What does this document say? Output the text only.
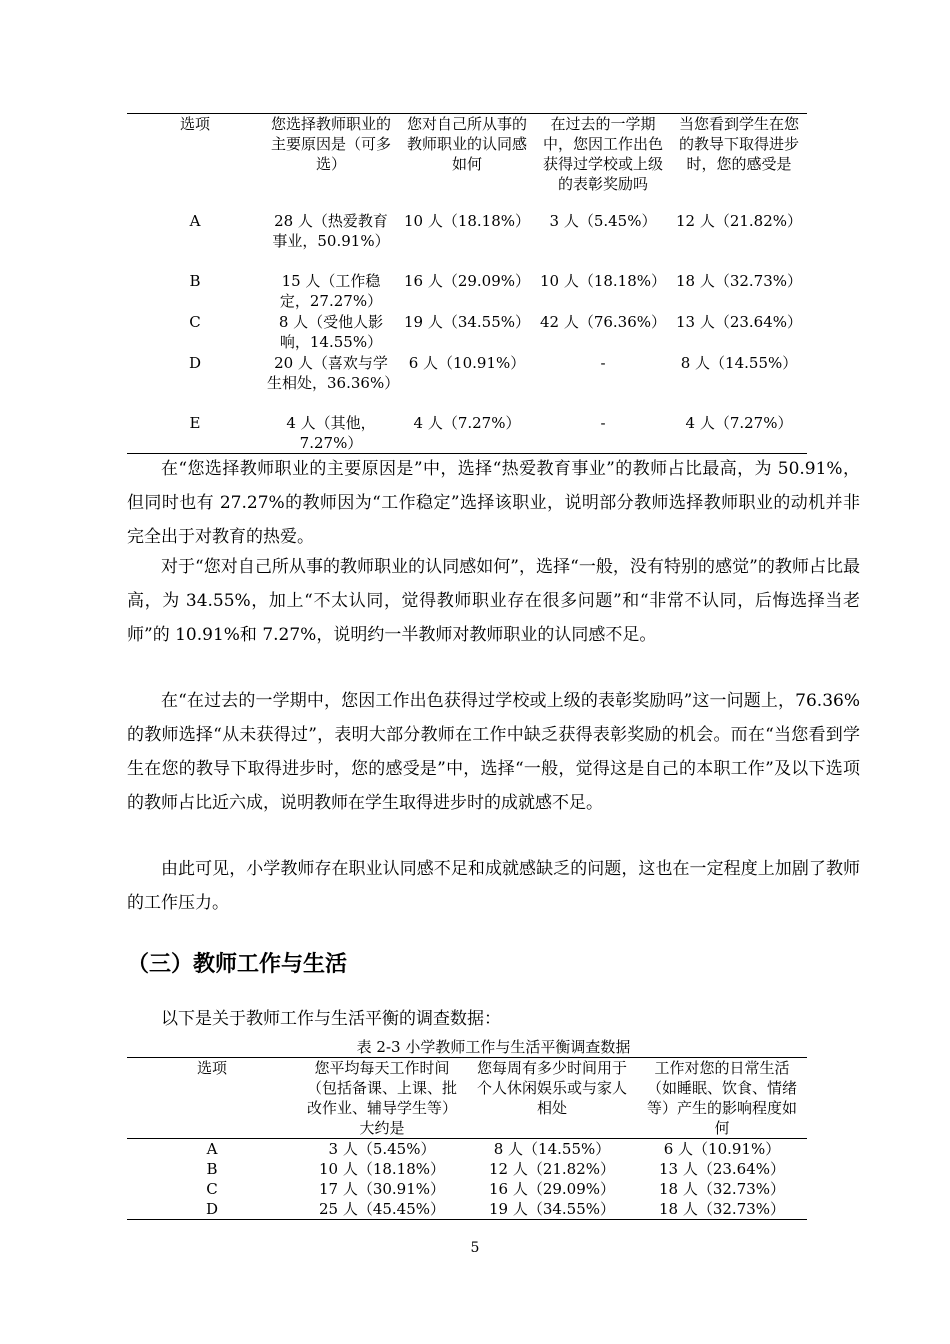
选项	您选择教师职业的主要原因是（可多选）	您对自己所从事的教师职业的认同感如何	在过去的一学期中，您因工作出色获得过学校或上级的表彰奖励吗	当您看到学生在您的教导下取得进步时，您的感受是
A	28 人（热爱教育事业，50.91%）	10 人（18.18%）	3 人（5.45%）	12 人（21.82%）
B	15 人（工作稳定，27.27%）	16 人（29.09%）	10 人（18.18%）	18 人（32.73%）
C	8 人（受他人影响，14.55%）	19 人（34.55%）	42 人（76.36%）	13 人（23.64%）
D	20 人（喜欢与学生相处，36.36%）	6 人（10.91%）	-	8 人（14.55%）
E	4 人（其他，7.27%）	4 人（7.27%）	-	4 人（7.27%）

在“您选择教师职业的主要原因是”中，选择“热爱教育事业”的教师占比最高，为 50.91%，但同时也有 27.27%的教师因为“工作稳定”选择该职业，说明部分教师选择教师职业的动机并非完全出于对教育的热爱。

对于“您对自己所从事的教师职业的认同感如何”，选择“一般，没有特别的感觉”的教师占比最高，为 34.55%，加上“不太认同，觉得教师职业存在很多问题”和“非常不认同，后悔选择当老师”的 10.91%和 7.27%，说明约一半教师对教师职业的认同感不足。

在“在过去的一学期中，您因工作出色获得过学校或上级的表彰奖励吗”这一问题上，76.36%的教师选择“从未获得过”，表明大部分教师在工作中缺乏获得表彰奖励的机会。而在“当您看到学生在您的教导下取得进步时，您的感受是”中，选择“一般，觉得这是自己的本职工作”及以下选项的教师占比近六成，说明教师在学生取得进步时的成就感不足。

由此可见，小学教师存在职业认同感不足和成就感缺乏的问题，这也在一定程度上加剧了教师的工作压力。

（三）教师工作与生活

以下是关于教师工作与生活平衡的调查数据：

表 2-3 小学教师工作与生活平衡调查数据

选项	您平均每天工作时间（包括备课、上课、批改作业、辅导学生等）大约是	您每周有多少时间用于个人休闲娱乐或与家人相处	工作对您的日常生活（如睡眠、饮食、情绪等）产生的影响程度如何
A	3 人（5.45%）	8 人（14.55%）	6 人（10.91%）
B	10 人（18.18%）	12 人（21.82%）	13 人（23.64%）
C	17 人（30.91%）	16 人（29.09%）	18 人（32.73%）
D	25 人（45.45%）	19 人（34.55%）	18 人（32.73%）
5
